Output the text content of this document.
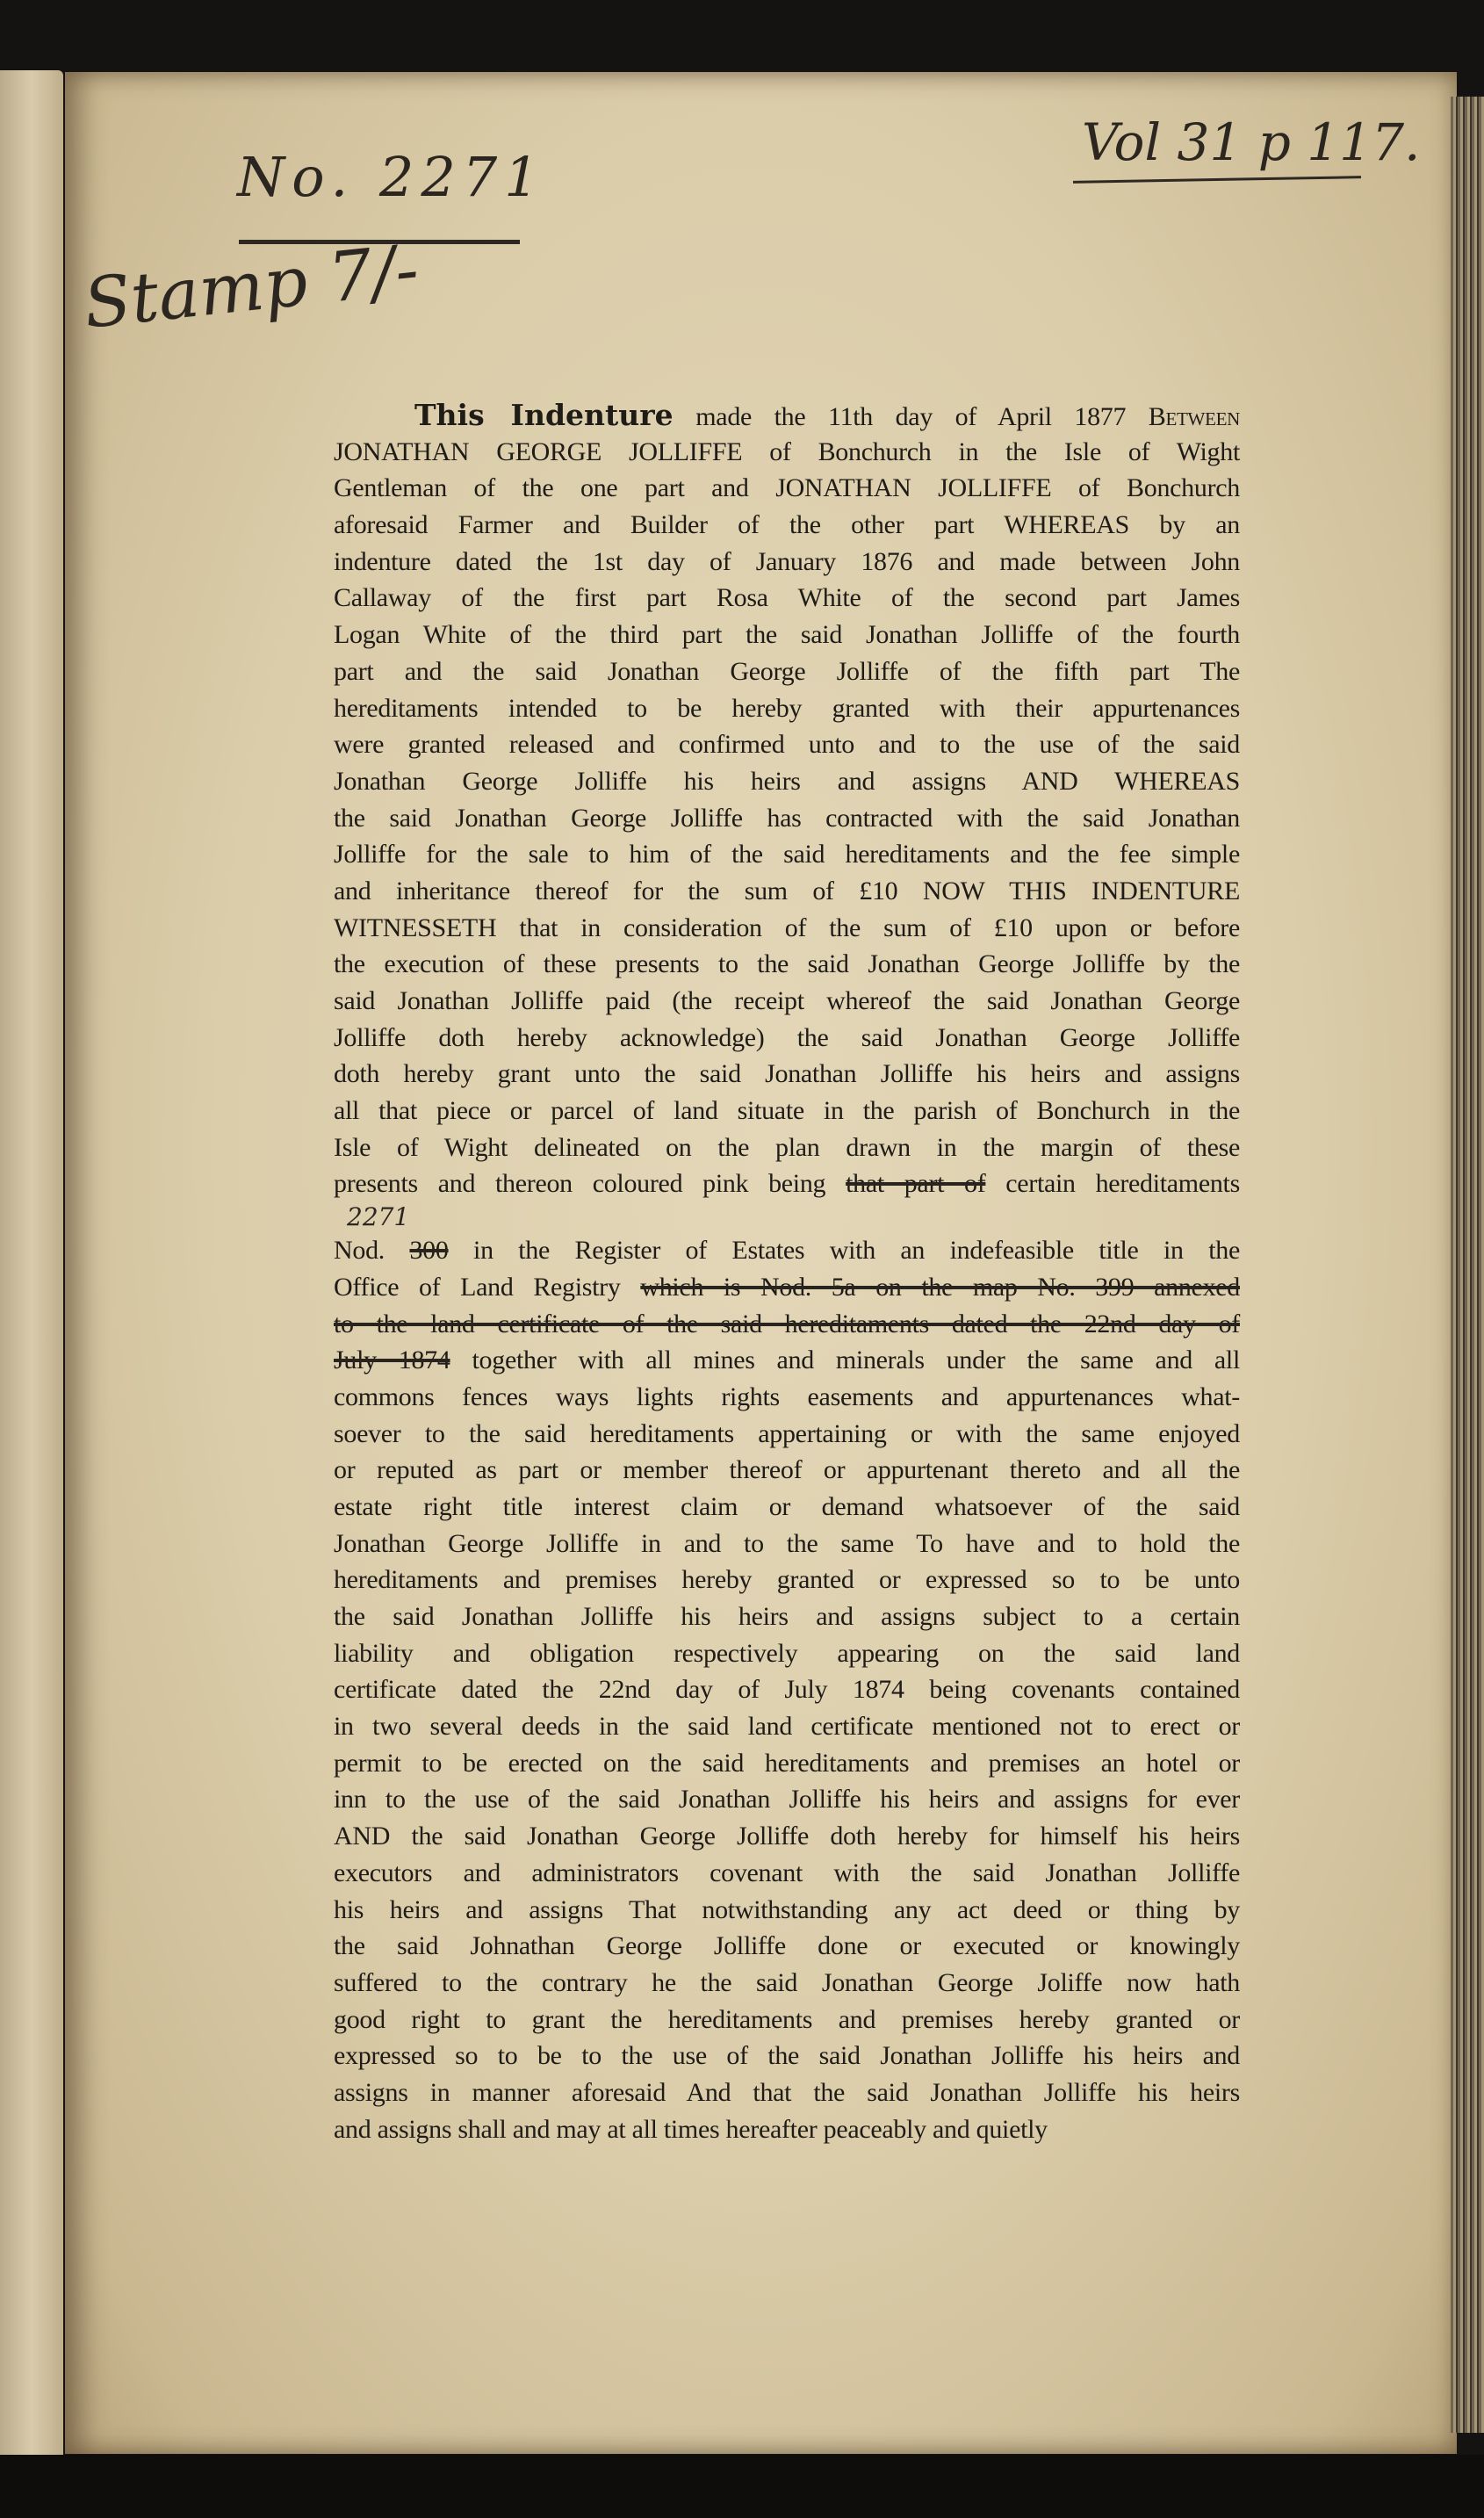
No. 2271
Vol 31 p 117.
Stamp 7/-
2271
This Indenture made the 11th day of April 1877 Between
JONATHAN GEORGE JOLLIFFE of Bonchurch in the Isle of Wight
Gentleman of the one part and JONATHAN JOLLIFFE of Bonchurch
aforesaid Farmer and Builder of the other part WHEREAS by an
indenture dated the 1st day of January 1876 and made between John
Callaway of the first part Rosa White of the second part James
Logan White of the third part the said Jonathan Jolliffe of the fourth
part and the said Jonathan George Jolliffe of the fifth part The
hereditaments intended to be hereby granted with their appurtenances
were granted released and confirmed unto and to the use of the said
Jonathan George Jolliffe his heirs and assigns AND WHEREAS
the said Jonathan George Jolliffe has contracted with the said Jonathan
Jolliffe for the sale to him of the said hereditaments and the fee simple
and inheritance thereof for the sum of £10 NOW THIS INDENTURE
WITNESSETH that in consideration of the sum of £10 upon or before
the execution of these presents to the said Jonathan George Jolliffe by the
said Jonathan Jolliffe paid (the receipt whereof the said Jonathan George
Jolliffe doth hereby acknowledge) the said Jonathan George Jolliffe
doth hereby grant unto the said Jonathan Jolliffe his heirs and assigns
all that piece or parcel of land situate in the parish of Bonchurch in the
Isle of Wight delineated on the plan drawn in the margin of these
presents and thereon coloured pink being that part of certain hereditaments
Nod. 300 in the Register of Estates with an indefeasible title in the
Office of Land Registry which is Nod. 5a on the map No. 399 annexed
to the land certificate of the said hereditaments dated the 22nd day of
July 1874 together with all mines and minerals under the same and all
commons fences ways lights rights easements and appurtenances what-
soever to the said hereditaments appertaining or with the same enjoyed
or reputed as part or member thereof or appurtenant thereto and all the
estate right title interest claim or demand whatsoever of the said
Jonathan George Jolliffe in and to the same To have and to hold the
hereditaments and premises hereby granted or expressed so to be unto
the said Jonathan Jolliffe his heirs and assigns subject to a certain
liability and obligation respectively appearing on the said land
certificate dated the 22nd day of July 1874 being covenants contained
in two several deeds in the said land certificate mentioned not to erect or
permit to be erected on the said hereditaments and premises an hotel or
inn to the use of the said Jonathan Jolliffe his heirs and assigns for ever
AND the said Jonathan George Jolliffe doth hereby for himself his heirs
executors and administrators covenant with the said Jonathan Jolliffe
his heirs and assigns That notwithstanding any act deed or thing by
the said Johnathan George Jolliffe done or executed or knowingly
suffered to the contrary he the said Jonathan George Joliffe now hath
good right to grant the hereditaments and premises hereby granted or
expressed so to be to the use of the said Jonathan Jolliffe his heirs and
assigns in manner aforesaid And that the said Jonathan Jolliffe his heirs
and assigns shall and may at all times hereafter peaceably and quietly
